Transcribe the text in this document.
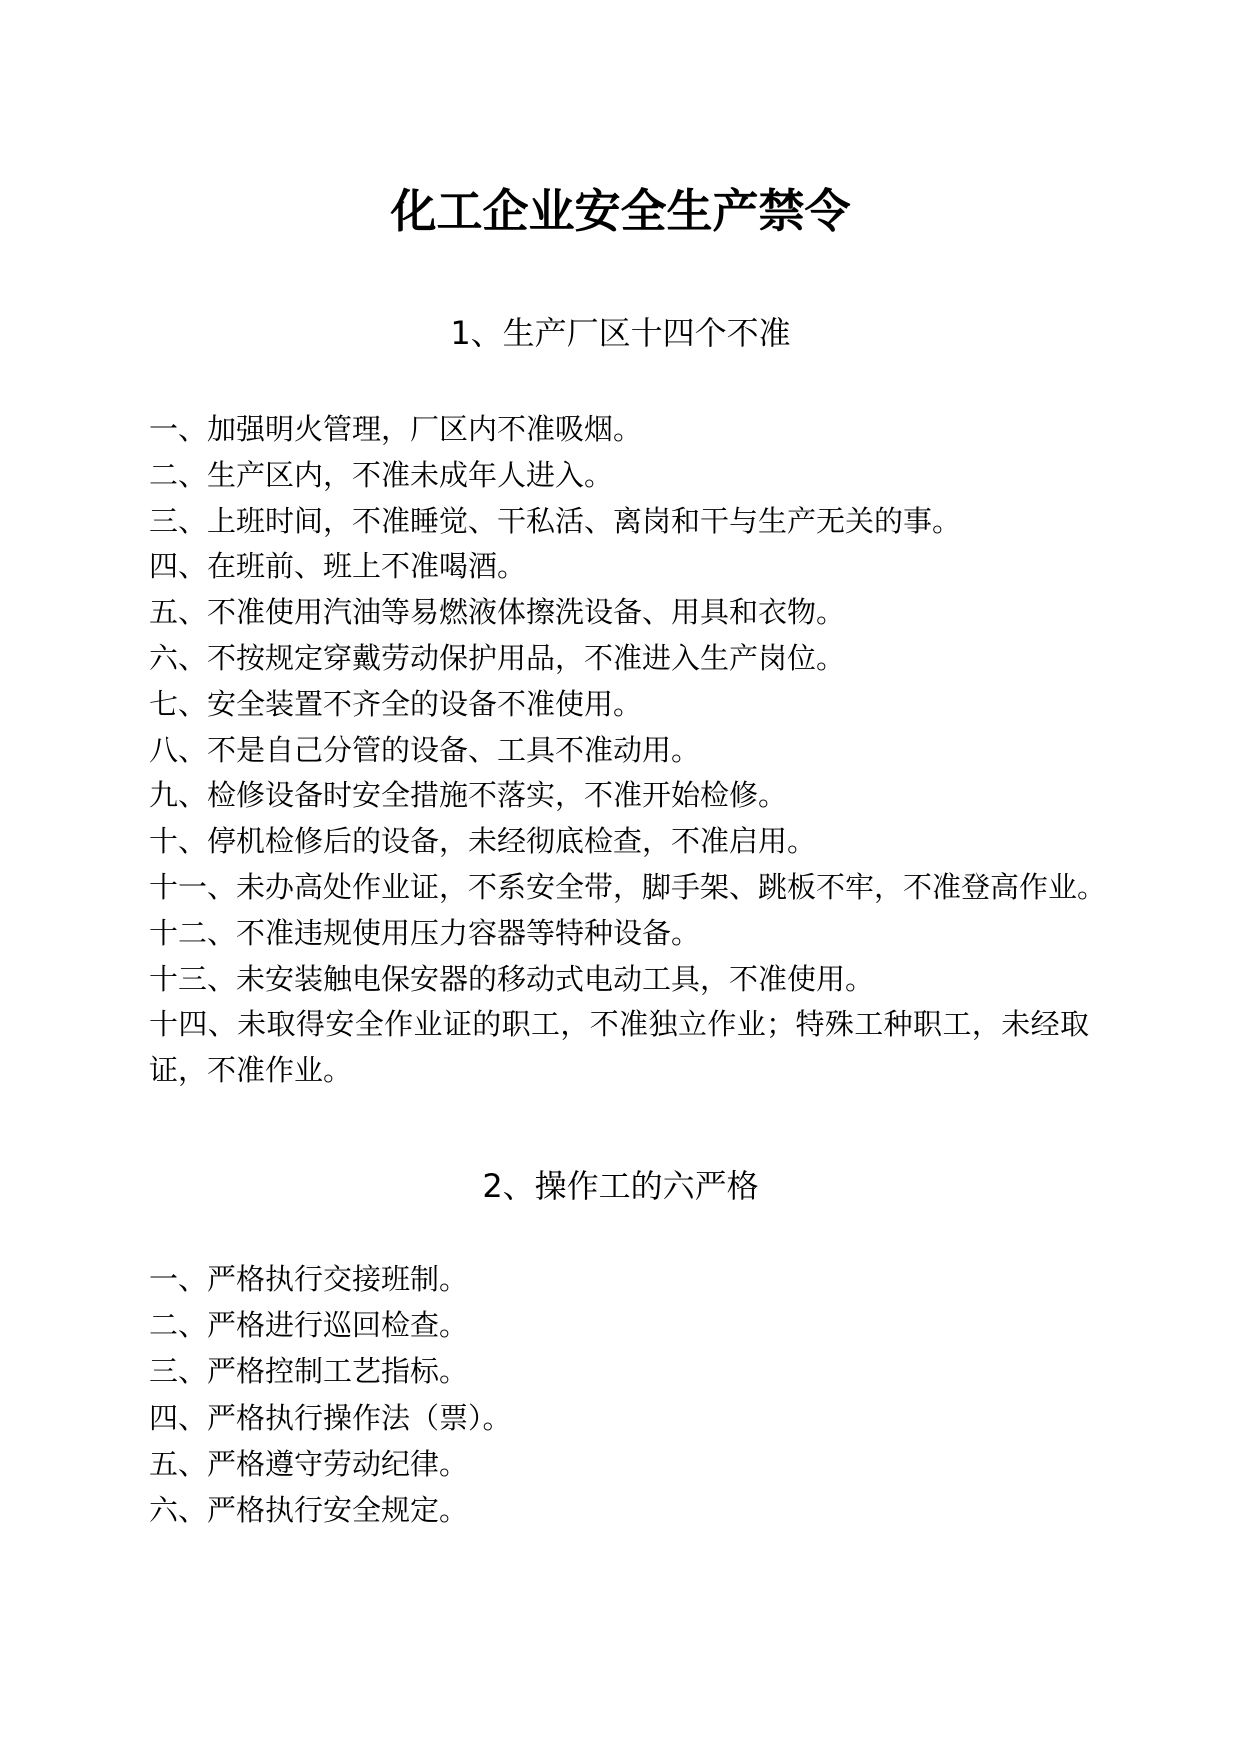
化工企业安全生产禁令
1、生产厂区十四个不准
一、加强明火管理，厂区内不准吸烟。
二、生产区内，不准未成年人进入。
三、上班时间，不准睡觉、干私活、离岗和干与生产无关的事。
四、在班前、班上不准喝酒。
五、不准使用汽油等易燃液体擦洗设备、用具和衣物。
六、不按规定穿戴劳动保护用品，不准进入生产岗位。
七、安全装置不齐全的设备不准使用。
八、不是自己分管的设备、工具不准动用。
九、检修设备时安全措施不落实，不准开始检修。
十、停机检修后的设备，未经彻底检查，不准启用。
十一、未办高处作业证，不系安全带，脚手架、跳板不牢，不准登高作业。
十二、不准违规使用压力容器等特种设备。
十三、未安装触电保安器的移动式电动工具，不准使用。
十四、未取得安全作业证的职工，不准独立作业；特殊工种职工，未经取证，不准作业。
2、操作工的六严格
一、严格执行交接班制。
二、严格进行巡回检查。
三、严格控制工艺指标。
四、严格执行操作法（票）。
五、严格遵守劳动纪律。
六、严格执行安全规定。
